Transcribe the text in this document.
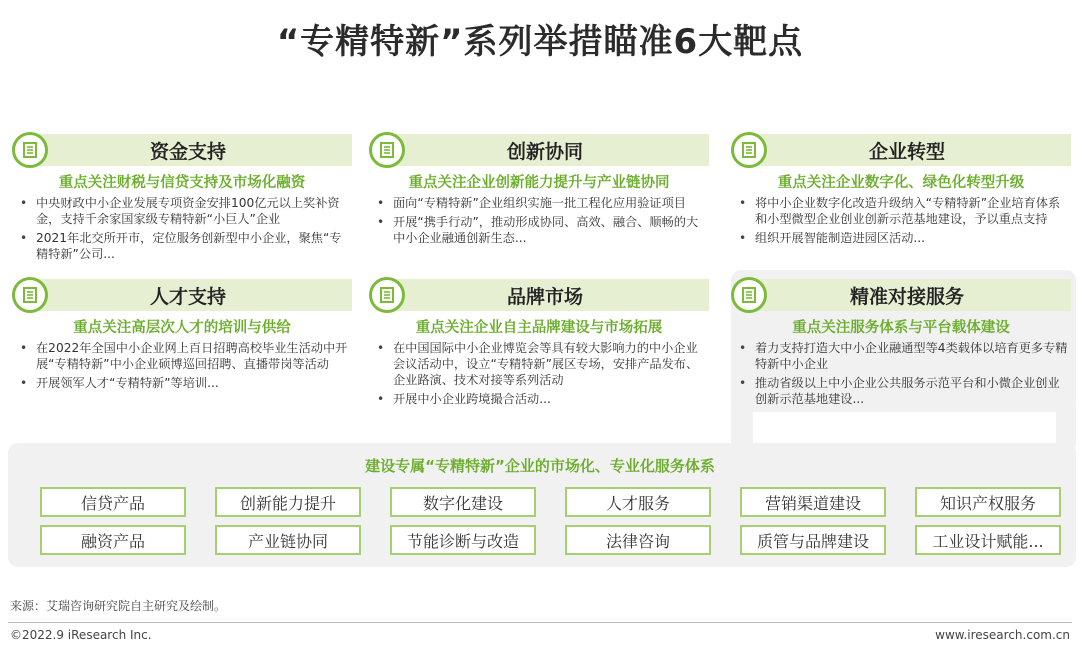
“专精特新”系列举措瞄准6大靶点
资金支持
重点关注财税与信贷支持及市场化融资
• 中央财政中小企业发展专项资金安排100亿元以上奖补资金，支持千余家国家级专精特新“小巨人”企业
• 2021年北交所开市，定位服务创新型中小企业，聚焦“专精特新”公司...
创新协同
重点关注企业创新能力提升与产业链协同
• 面向“专精特新”企业组织实施一批工程化应用验证项目
• 开展“携手行动”，推动形成协同、高效、融合、顺畅的大中小企业融通创新生态...
企业转型
重点关注企业数字化、绿色化转型升级
• 将中小企业数字化改造升级纳入“专精特新”企业培育体系和小型微型企业创业创新示范基地建设，予以重点支持
• 组织开展智能制造进园区活动...
人才支持
重点关注高层次人才的培训与供给
• 在2022年全国中小企业网上百日招聘高校毕业生活动中开展“专精特新”中小企业硕博巡回招聘、直播带岗等活动
• 开展领军人才“专精特新”等培训...
品牌市场
重点关注企业自主品牌建设与市场拓展
• 在中国国际中小企业博览会等具有较大影响力的中小企业会议活动中，设立“专精特新”展区专场，安排产品发布、企业路演、技术对接等系列活动
• 开展中小企业跨境撮合活动...
精准对接服务
重点关注服务体系与平台载体建设
• 着力支持打造大中小企业融通型等4类载体以培育更多专精特新中小企业
• 推动省级以上中小企业公共服务示范平台和小微企业创业创新示范基地建设...
建设专属“专精特新”企业的市场化、专业化服务体系
信贷产品	创新能力提升	数字化建设	人才服务	营销渠道建设	知识产权服务
融资产品	产业链协同	节能诊断与改造	法律咨询	质管与品牌建设	工业设计赋能...
来源：艾瑞咨询研究院自主研究及绘制。
©2022.9 iResearch Inc.	www.iresearch.com.cn
